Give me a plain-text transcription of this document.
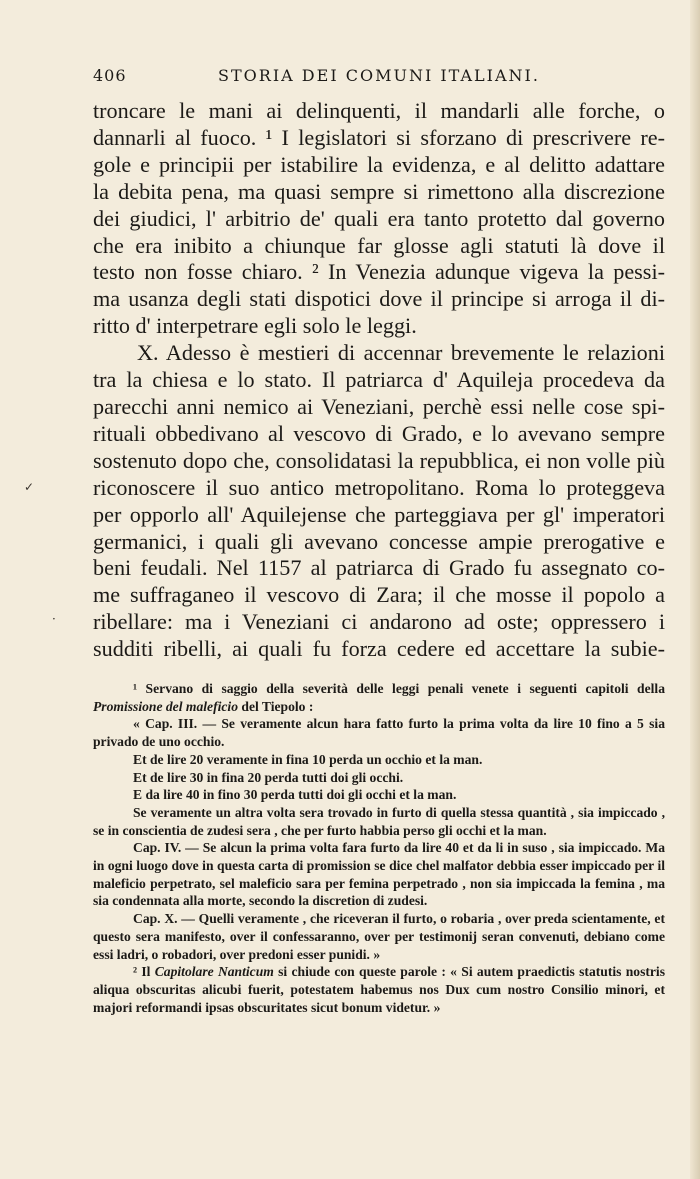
406	STORIA DEI COMUNI ITALIANI.
troncare le mani ai delinquenti, il mandarli alle forche, o
dannarli al fuoco. ¹ I legislatori si sforzano di prescrivere re-
gole e principii per istabilire la evidenza, e al delitto adattare
la debita pena, ma quasi sempre si rimettono alla discrezione
dei giudici, l' arbitrio de' quali era tanto protetto dal governo
che era inibito a chiunque far glosse agli statuti là dove il
testo non fosse chiaro. ² In Venezia adunque vigeva la pessi-
ma usanza degli stati dispotici dove il principe si arroga il di-
ritto d' interpetrare egli solo le leggi.
X. Adesso è mestieri di accennar brevemente le relazioni
tra la chiesa e lo stato. Il patriarca d' Aquileja procedeva da
parecchi anni nemico ai Veneziani, perchè essi nelle cose spi-
rituali obbedivano al vescovo di Grado, e lo avevano sempre
sostenuto dopo che, consolidatasi la repubblica, ei non volle più
riconoscere il suo antico metropolitano. Roma lo proteggeva
per opporlo all' Aquilejense che parteggiava per gl' imperatori
germanici, i quali gli avevano concesse ampie prerogative e
beni feudali. Nel 1157 al patriarca di Grado fu assegnato co-
me suffraganeo il vescovo di Zara; il che mosse il popolo a
ribellare: ma i Veneziani ci andarono ad oste; oppressero i
sudditi ribelli, ai quali fu forza cedere ed accettare la subie-

¹ Servano di saggio della severità delle leggi penali venete i seguenti capitoli della Promissione del maleficio del Tiepolo :

« Cap. III. — Se veramente alcun hara fatto furto la prima volta da lire 10 fino a 5 sia privado de uno occhio.

Et de lire 20 veramente in fina 10 perda un occhio et la man.

Et de lire 30 in fina 20 perda tutti doi gli occhi.

E da lire 40 in fino 30 perda tutti doi gli occhi et la man.

Se veramente un altra volta sera trovado in furto di quella stessa quantità , sia impiccado , se in conscientia de zudesi sera , che per furto habbia perso gli occhi et la man.

Cap. IV. — Se alcun la prima volta fara furto da lire 40 et da li in suso , sia impiccado. Ma in ogni luogo dove in questa carta di promission se dice chel malfator debbia esser impiccado per il maleficio perpetrato, sel maleficio sara per femina perpetrado , non sia impiccada la femina , ma sia condennata alla morte, secondo la discretion di zudesi.

Cap. X. — Quelli veramente , che riceveran il furto, o robaria , over preda scientamente, et questo sera manifesto, over il confessaranno, over per testimonij seran convenuti, debiano come essi ladri, o robadori, over predoni esser punidi. »

² Il Capitolare Nanticum si chiude con queste parole : « Si autem praedictis statutis nostris aliqua obscuritas alicubi fuerit, potestatem habemus nos Dux cum nostro Consilio minori, et majori reformandi ipsas obscuritates sicut bonum videtur. »

✓
·
